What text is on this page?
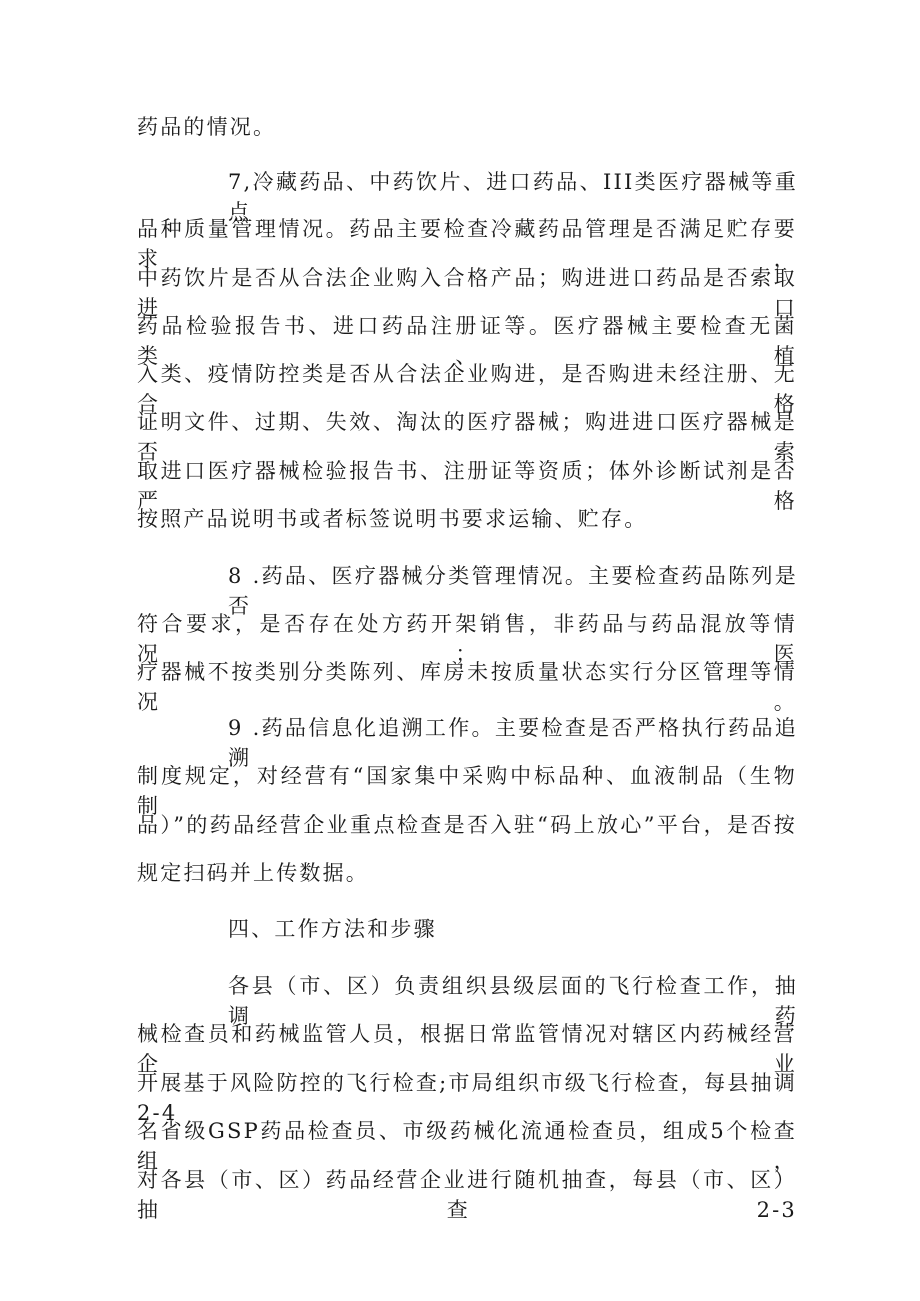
药品的情况。
7,冷藏药品、中药饮片、进口药品、III类医疗器械等重点
品种质量管理情况。药品主要检查冷藏药品管理是否满足贮存要求，
中药饮片是否从合法企业购入合格产品；购进进口药品是否索取进口
药品检验报告书、进口药品注册证等。医疗器械主要检查无菌类、植
入类、疫情防控类是否从合法企业购进，是否购进未经注册、无合格
证明文件、过期、失效、淘汰的医疗器械；购进进口医疗器械是否索
取进口医疗器械检验报告书、注册证等资质；体外诊断试剂是否严格
按照产品说明书或者标签说明书要求运输、贮存。
8 .药品、医疗器械分类管理情况。主要检查药品陈列是否
符合要求，是否存在处方药开架销售，非药品与药品混放等情况；医
疗器械不按类别分类陈列、库房未按质量状态实行分区管理等情况。
9 .药品信息化追溯工作。主要检查是否严格执行药品追溯
制度规定，对经营有“国家集中采购中标品种、血液制品（生物制
品）”的药品经营企业重点检查是否入驻“码上放心”平台，是否按
规定扫码并上传数据。
四、工作方法和步骤
各县（市、区）负责组织县级层面的飞行检查工作，抽调药
械检查员和药械监管人员，根据日常监管情况对辖区内药械经营企业
开展基于风险防控的飞行检查;市局组织市级飞行检查，每县抽调2-4
名省级GSP药品检查员、市级药械化流通检查员，组成5个检查组，
对各县（市、区）药品经营企业进行随机抽查，每县（市、区）抽查2-3
